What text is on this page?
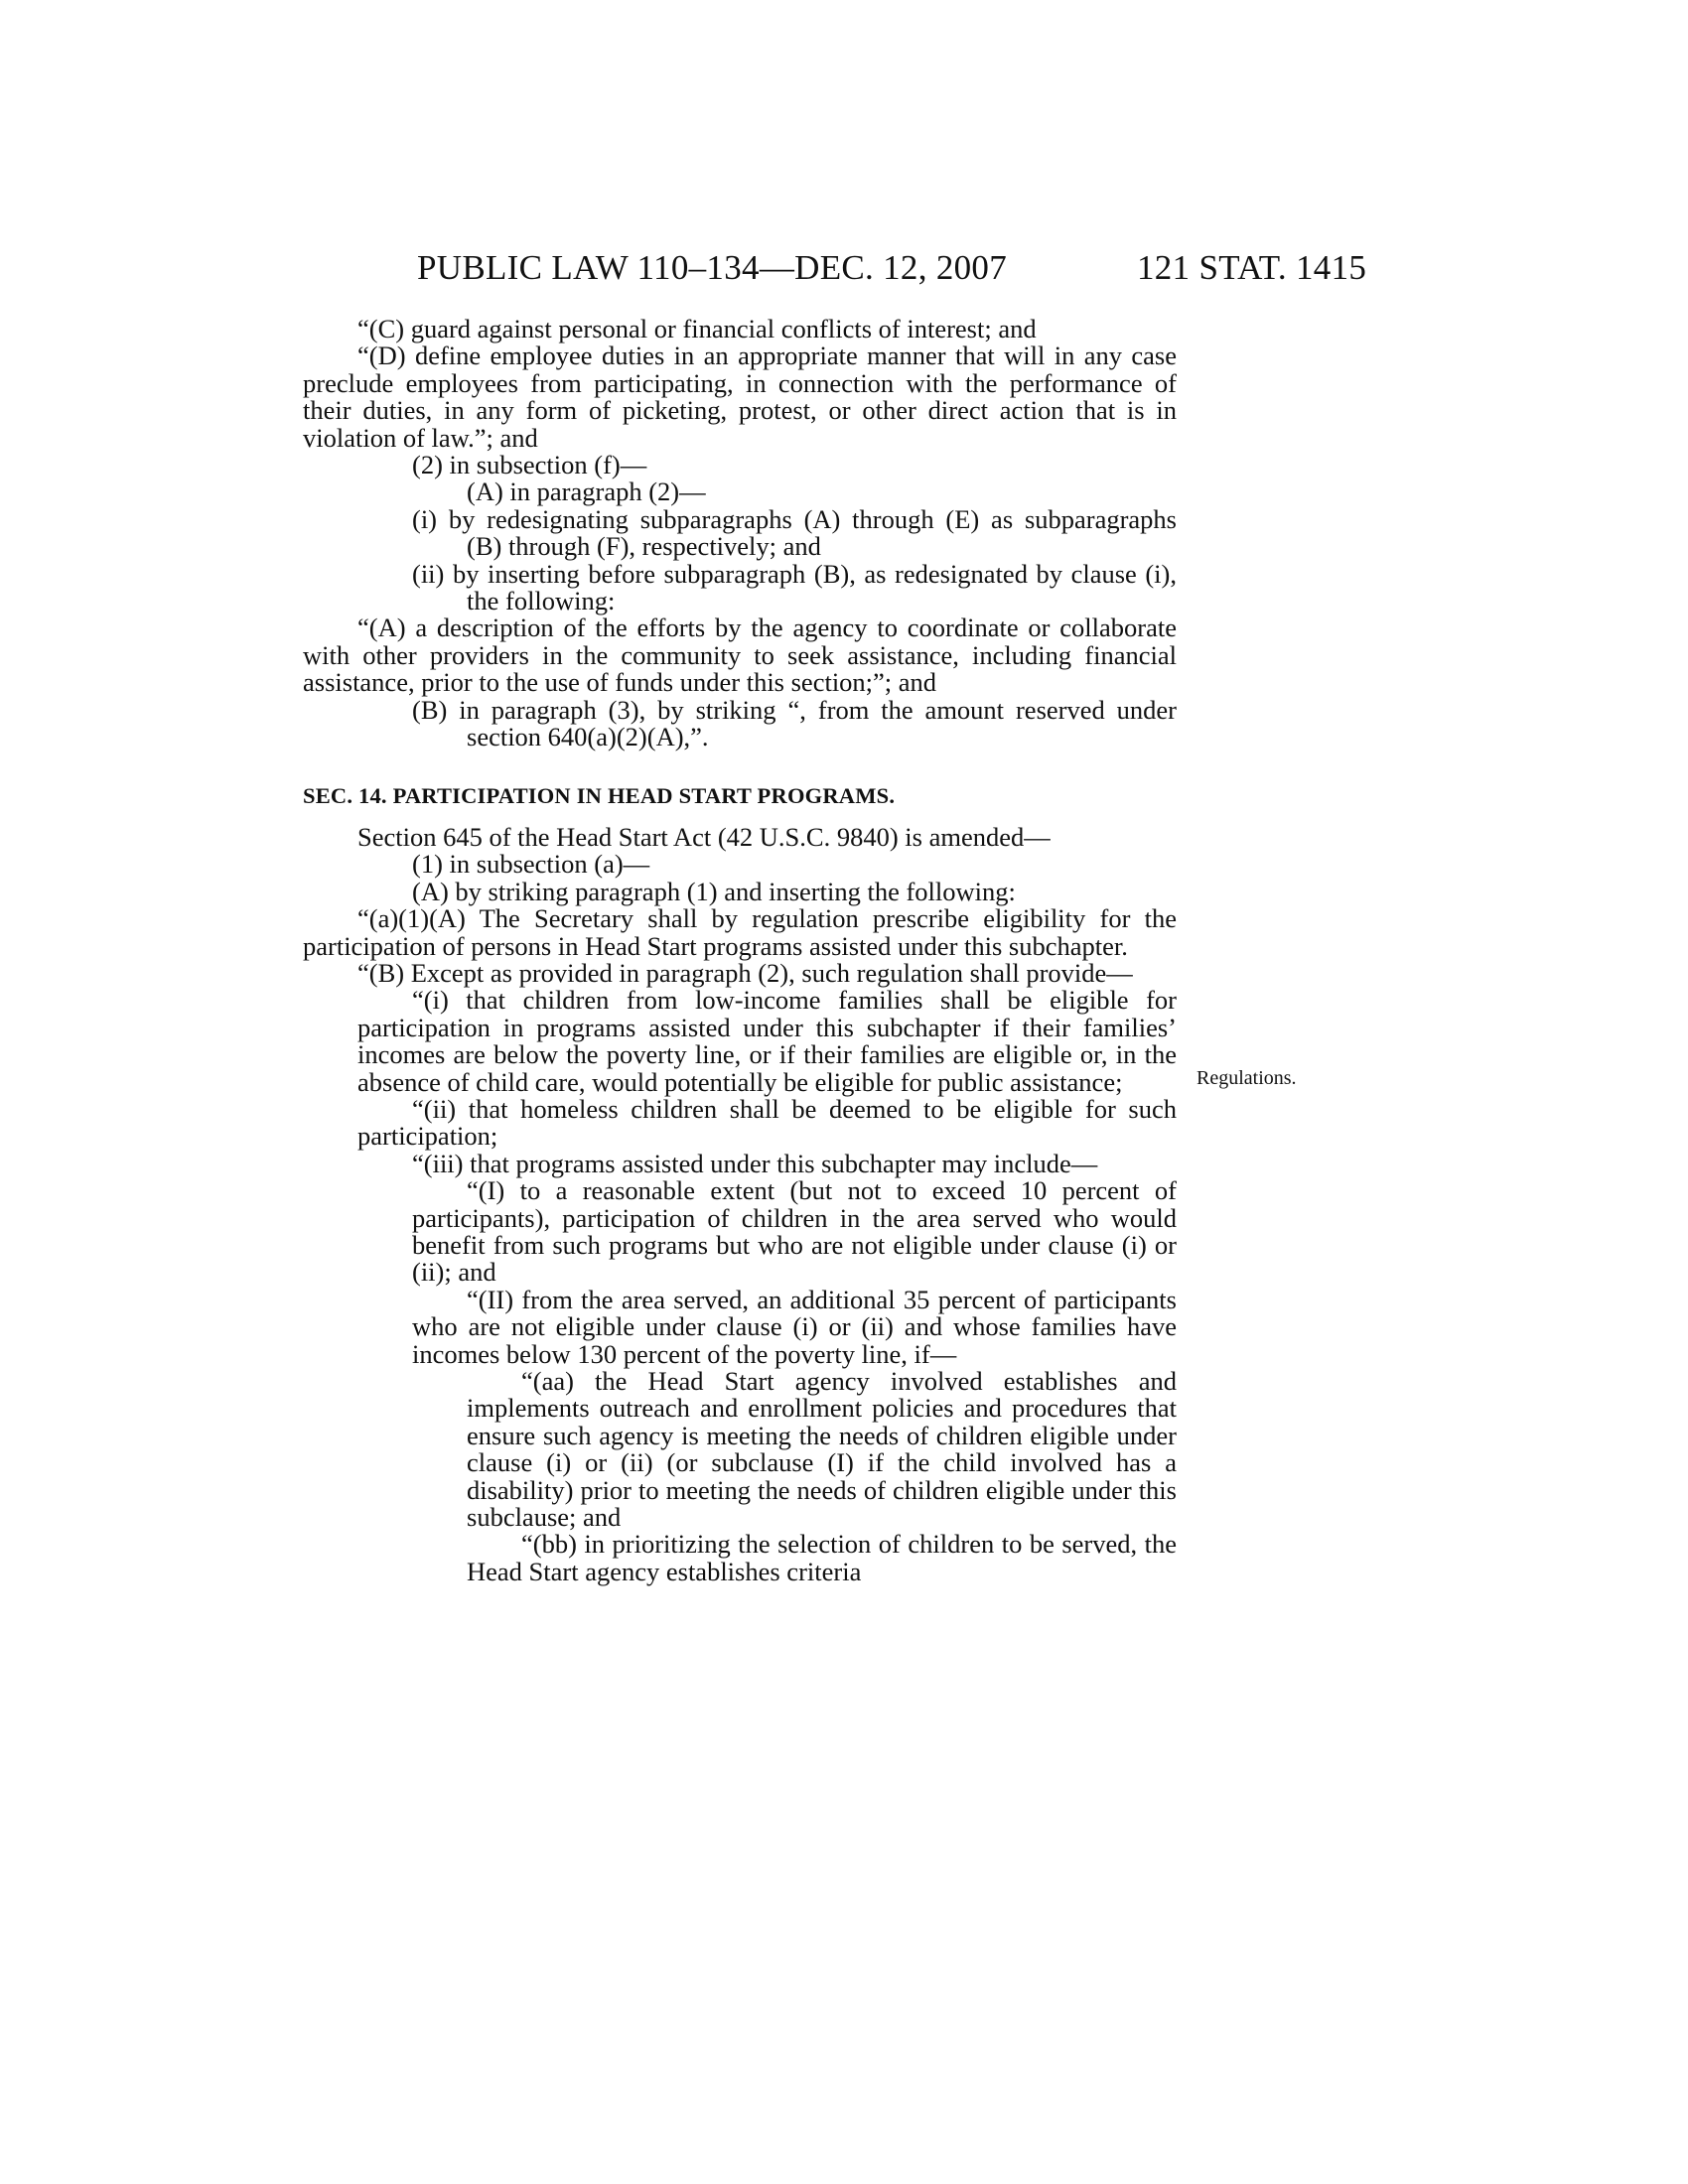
PUBLIC LAW 110–134—DEC. 12, 2007	121 STAT. 1415
Regulations.

“(C) guard against personal or financial conflicts of interest; and

“(D) define employee duties in an appropriate manner that will in any case preclude employees from participating, in connection with the performance of their duties, in any form of picketing, protest, or other direct action that is in violation of law.”; and

(2) in subsection (f)—

(A) in paragraph (2)—

(i) by redesignating subparagraphs (A) through (E) as subparagraphs (B) through (F), respectively; and

(ii) by inserting before subparagraph (B), as redesignated by clause (i), the following:

“(A) a description of the efforts by the agency to coordinate or collaborate with other providers in the community to seek assistance, including financial assistance, prior to the use of funds under this section;”; and

(B) in paragraph (3), by striking “, from the amount reserved under section 640(a)(2)(A),”.

SEC. 14. PARTICIPATION IN HEAD START PROGRAMS.

Section 645 of the Head Start Act (42 U.S.C. 9840) is amended—

(1) in subsection (a)—

(A) by striking paragraph (1) and inserting the following:

“(a)(1)(A) The Secretary shall by regulation prescribe eligibility for the participation of persons in Head Start programs assisted under this subchapter.

“(B) Except as provided in paragraph (2), such regulation shall provide—

“(i) that children from low-income families shall be eligible for participation in programs assisted under this subchapter if their families’ incomes are below the poverty line, or if their families are eligible or, in the absence of child care, would potentially be eligible for public assistance;

“(ii) that homeless children shall be deemed to be eligible for such participation;

“(iii) that programs assisted under this subchapter may include—

“(I) to a reasonable extent (but not to exceed 10 percent of participants), participation of children in the area served who would benefit from such programs but who are not eligible under clause (i) or (ii); and

“(II) from the area served, an additional 35 percent of participants who are not eligible under clause (i) or (ii) and whose families have incomes below 130 percent of the poverty line, if—

“(aa) the Head Start agency involved establishes and implements outreach and enrollment policies and procedures that ensure such agency is meeting the needs of children eligible under clause (i) or (ii) (or subclause (I) if the child involved has a disability) prior to meeting the needs of children eligible under this subclause; and

“(bb) in prioritizing the selection of children to be served, the Head Start agency establishes criteria
